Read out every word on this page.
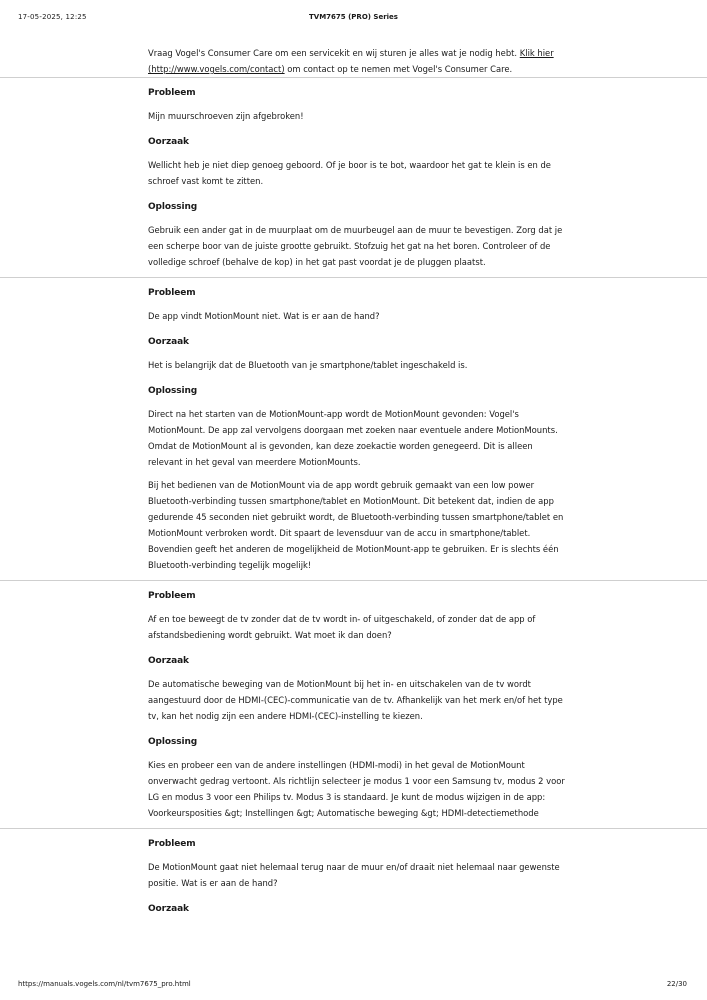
17-05-2025, 12:25	TVM7675 (PRO) Series

Vraag Vogel's Consumer Care om een servicekit en wij sturen je alles wat je nodig hebt. Klik hier (http://www.vogels.com/contact) om contact op te nemen met Vogel's Consumer Care.

Probleem

Mijn muurschroeven zijn afgebroken!

Oorzaak

Wellicht heb je niet diep genoeg geboord. Of je boor is te bot, waardoor het gat te klein is en de schroef vast komt te zitten.

Oplossing

Gebruik een ander gat in de muurplaat om de muurbeugel aan de muur te bevestigen. Zorg dat je een scherpe boor van de juiste grootte gebruikt. Stofzuig het gat na het boren. Controleer of de volledige schroef (behalve de kop) in het gat past voordat je de pluggen plaatst.

Probleem

De app vindt MotionMount niet. Wat is er aan de hand?

Oorzaak

Het is belangrijk dat de Bluetooth van je smartphone/tablet ingeschakeld is.

Oplossing

Direct na het starten van de MotionMount-app wordt de MotionMount gevonden: Vogel's MotionMount. De app zal vervolgens doorgaan met zoeken naar eventuele andere MotionMounts. Omdat de MotionMount al is gevonden, kan deze zoekactie worden genegeerd. Dit is alleen relevant in het geval van meerdere MotionMounts.

Bij het bedienen van de MotionMount via de app wordt gebruik gemaakt van een low power Bluetooth-verbinding tussen smartphone/tablet en MotionMount. Dit betekent dat, indien de app gedurende 45 seconden niet gebruikt wordt, de Bluetooth-verbinding tussen smartphone/tablet en MotionMount verbroken wordt. Dit spaart de levensduur van de accu in smartphone/tablet. Bovendien geeft het anderen de mogelijkheid de MotionMount-app te gebruiken. Er is slechts één Bluetooth-verbinding tegelijk mogelijk!

Probleem

Af en toe beweegt de tv zonder dat de tv wordt in- of uitgeschakeld, of zonder dat de app of afstandsbediening wordt gebruikt. Wat moet ik dan doen?

Oorzaak

De automatische beweging van de MotionMount bij het in- en uitschakelen van de tv wordt aangestuurd door de HDMI-(CEC)-communicatie van de tv. Afhankelijk van het merk en/of het type tv, kan het nodig zijn een andere HDMI-(CEC)-instelling te kiezen.

Oplossing

Kies en probeer een van de andere instellingen (HDMI-modi) in het geval de MotionMount onverwacht gedrag vertoont. Als richtlijn selecteer je modus 1 voor een Samsung tv, modus 2 voor LG en modus 3 voor een Philips tv. Modus 3 is standaard. Je kunt de modus wijzigen in de app: Voorkeursposities &gt; Instellingen &gt; Automatische beweging &gt; HDMI-detectiemethode

Probleem

De MotionMount gaat niet helemaal terug naar de muur en/of draait niet helemaal naar gewenste positie. Wat is er aan de hand?

Oorzaak
https://manuals.vogels.com/nl/tvm7675_pro.html	22/30
